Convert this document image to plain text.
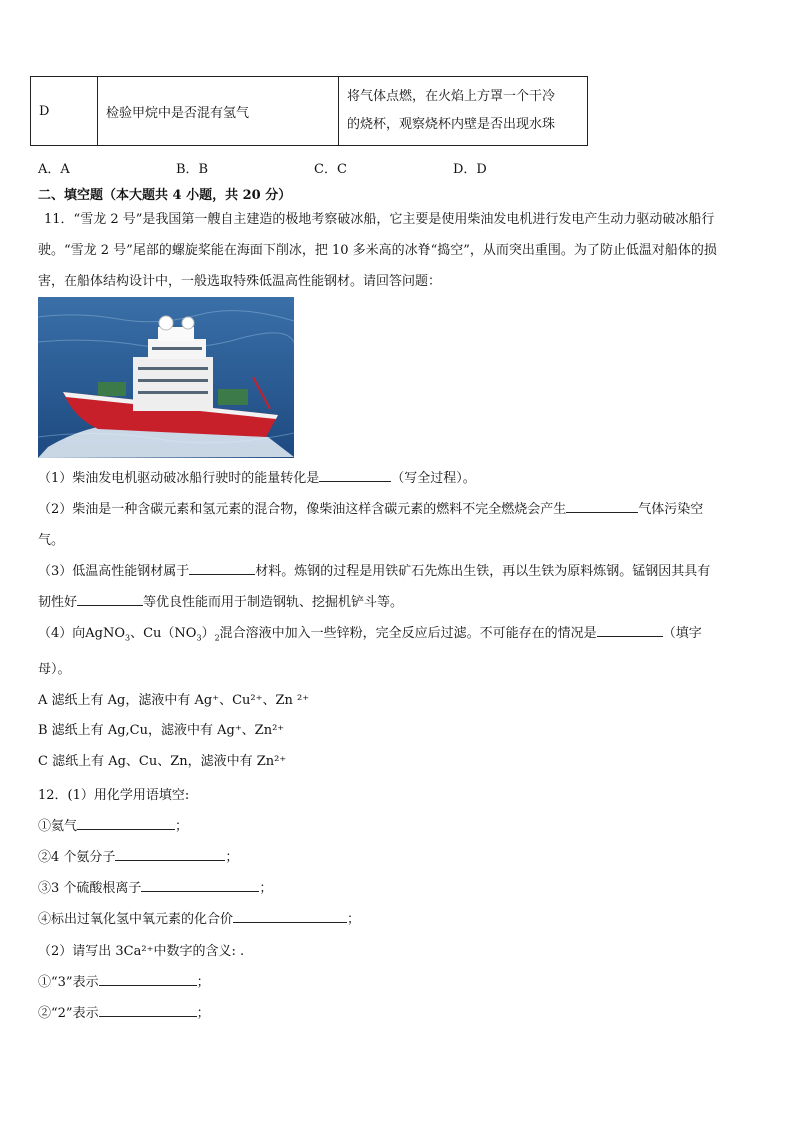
D	检验甲烷中是否混有氢气	
将气体点燃，在火焰上方罩一个干冷
的烧杯，观察烧杯内壁是否出现水珠
A．A	B．B	C．C	D．D
二、填空题（本大题共 4 小题，共 20 分）
11．“雪龙 2 号”是我国第一艘自主建造的极地考察破冰船，它主要是使用柴油发电机进行发电产生动力驱动破冰船行
驶。“雪龙 2 号”尾部的螺旋桨能在海面下削冰，把 10 多米高的冰脊“捣空”，从而突出重围。为了防止低温对船体的损
害，在船体结构设计中，一般选取特殊低温高性能钢材。请回答问题：
（1）柴油发电机驱动破冰船行驶时的能量转化是	（写全过程）。
（2）柴油是一种含碳元素和氢元素的混合物，像柴油这样含碳元素的燃料不完全燃烧会产生	气体污染空
气。
（3）低温高性能钢材属于	材料。炼钢的过程是用铁矿石先炼出生铁，再以生铁为原料炼钢。锰钢因其具有
韧性好	等优良性能而用于制造钢轨、挖掘机铲斗等。
（4）向AgNO$_3$、$Cu(NO_3)_2$混合溶液中加入一些锌粉，完全反应后过滤。不可能存在的情况是	（填字
母）。
A 滤纸上有 Ag，滤液中有 Ag⁺、Cu²⁺、Zn ²⁺
B 滤纸上有 Ag,Cu，滤液中有 Ag⁺、Zn²⁺
C 滤纸上有 Ag、Cu、Zn，滤液中有 Zn²⁺
12．(1）用化学用语填空:
①氦气	；
②4 个氨分子	；
③3 个硫酸根离子	；
④标出过氧化氢中氧元素的化合价	；
（2）请写出 3Ca²⁺中数字的含义: .
①“3”表示	；
②“2”表示	；
